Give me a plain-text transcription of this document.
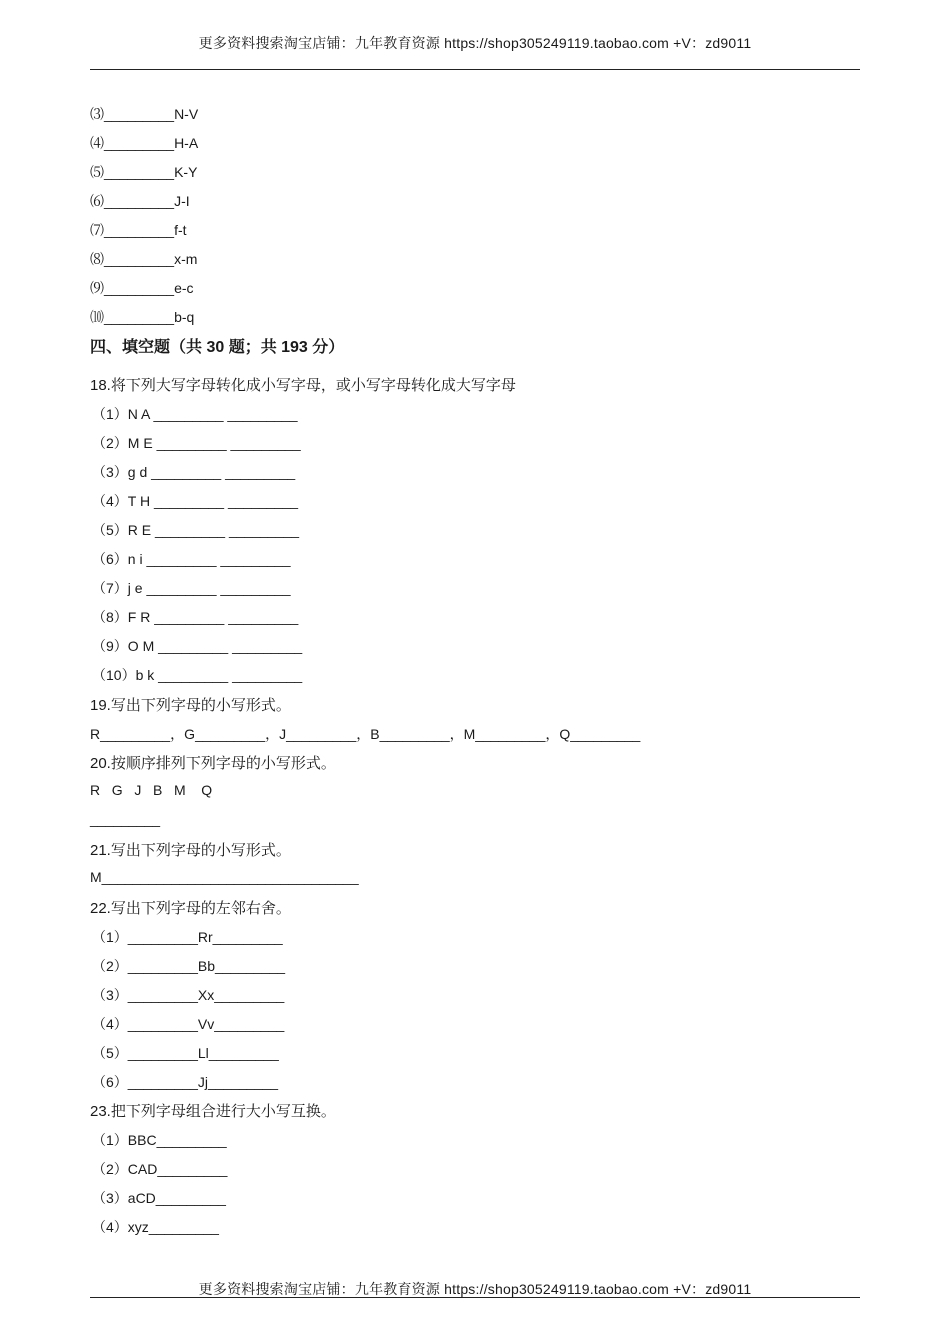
更多资料搜索淘宝店铺：九年教育资源 https://shop305249119.taobao.com +V：zd9011
⑶_________N-V
⑷_________H-A
⑸_________K-Y
⑹_________J-I
⑺_________f-t
⑻_________x-m
⑼_________e-c
⑽_________b-q
四、填空题（共 30 题；共 193 分）
18.将下列大写字母转化成小写字母，或小写字母转化成大写字母
（1）N A _________ _________
（2）M E _________ _________
（3）g d _________ _________
（4）T H _________ _________
（5）R E _________ _________
（6）n i _________ _________
（7）j e _________ _________
（8）F R _________ _________
（9）O M _________ _________
（10）b k _________ _________
19.写出下列字母的小写形式。
R_________，G_________，J_________，B_________，M_________，Q_________
20.按顺序排列下列字母的小写形式。
R   G   J   B   M    Q
_________
21.写出下列字母的小写形式。
M_________________________________
22.写出下列字母的左邻右舍。
（1）_________Rr_________
（2）_________Bb_________
（3）_________Xx_________
（4）_________Vv_________
（5）_________Ll_________
（6）_________Jj_________
23.把下列字母组合进行大小写互换。
（1）BBC_________
（2）CAD_________
（3）aCD_________
（4）xyz_________
更多资料搜索淘宝店铺：九年教育资源 https://shop305249119.taobao.com +V：zd9011
